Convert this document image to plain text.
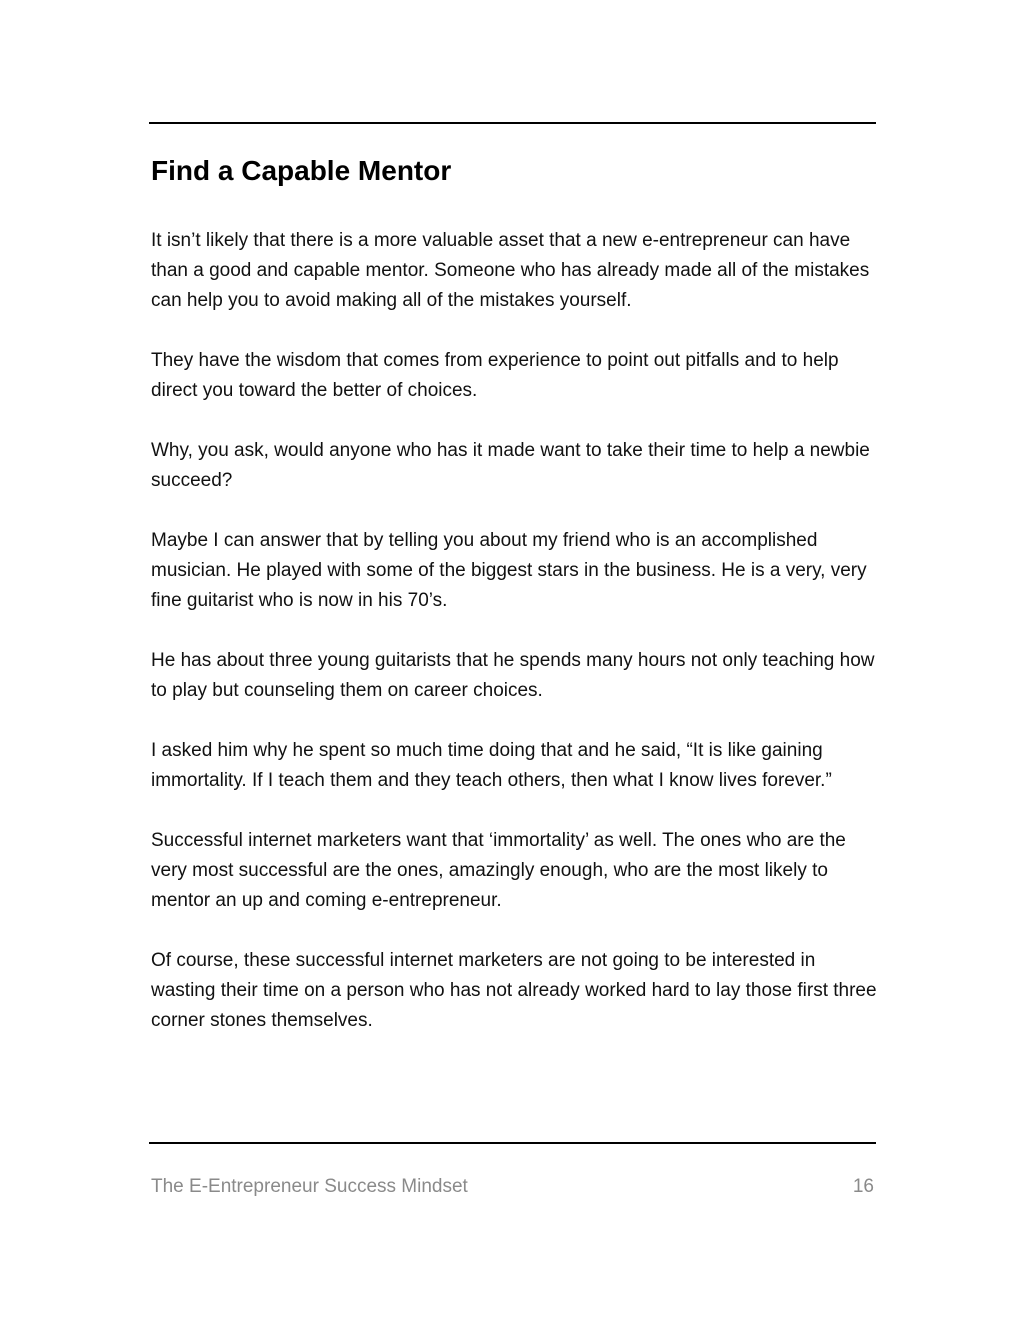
Find a Capable Mentor

It isn’t likely that there is a more valuable asset that a new e-entrepreneur can have than a good and capable mentor. Someone who has already made all of the mistakes can help you to avoid making all of the mistakes yourself.

They have the wisdom that comes from experience to point out pitfalls and to help direct you toward the better of choices.

Why, you ask, would anyone who has it made want to take their time to help a newbie succeed?

Maybe I can answer that by telling you about my friend who is an accomplished musician. He played with some of the biggest stars in the business. He is a very, very fine guitarist who is now in his 70’s.

He has about three young guitarists that he spends many hours not only teaching how to play but counseling them on career choices.

I asked him why he spent so much time doing that and he said, “It is like gaining immortality. If I teach them and they teach others, then what I know lives forever.”

Successful internet marketers want that ‘immortality’ as well. The ones who are the very most successful are the ones, amazingly enough, who are the most likely to mentor an up and coming e-entrepreneur.

Of course, these successful internet marketers are not going to be interested in wasting their time on a person who has not already worked hard to lay those first three corner stones themselves.

The E-Entrepreneur Success Mindset	16
